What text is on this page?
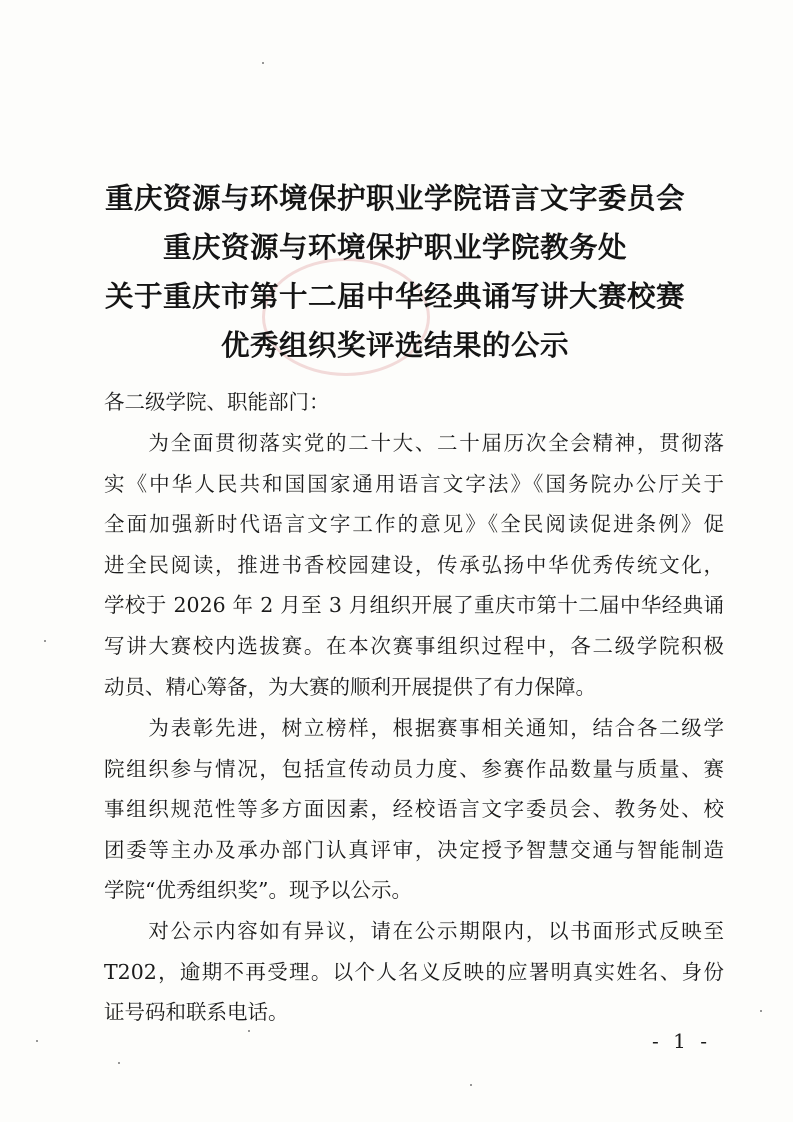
重庆资源与环境保护职业学院语言文字委员会
重庆资源与环境保护职业学院教务处
关于重庆市第十二届中华经典诵写讲大赛校赛
优秀组织奖评选结果的公示
各二级学院、职能部门：
　　为全面贯彻落实党的二十大、二十届历次全会精神，贯彻落
实《中华人民共和国国家通用语言文字法》《国务院办公厅关于
全面加强新时代语言文字工作的意见》《全民阅读促进条例》促
进全民阅读，推进书香校园建设，传承弘扬中华优秀传统文化，
学校于 2026 年 2 月至 3 月组织开展了重庆市第十二届中华经典诵
写讲大赛校内选拔赛。在本次赛事组织过程中，各二级学院积极
动员、精心筹备，为大赛的顺利开展提供了有力保障。
　　为表彰先进，树立榜样，根据赛事相关通知，结合各二级学
院组织参与情况，包括宣传动员力度、参赛作品数量与质量、赛
事组织规范性等多方面因素，经校语言文字委员会、教务处、校
团委等主办及承办部门认真评审，决定授予智慧交通与智能制造
学院“优秀组织奖”。现予以公示。
　　对公示内容如有异议，请在公示期限内，以书面形式反映至
T202，逾期不再受理。以个人名义反映的应署明真实姓名、身份
证号码和联系电话。
- 1 -
